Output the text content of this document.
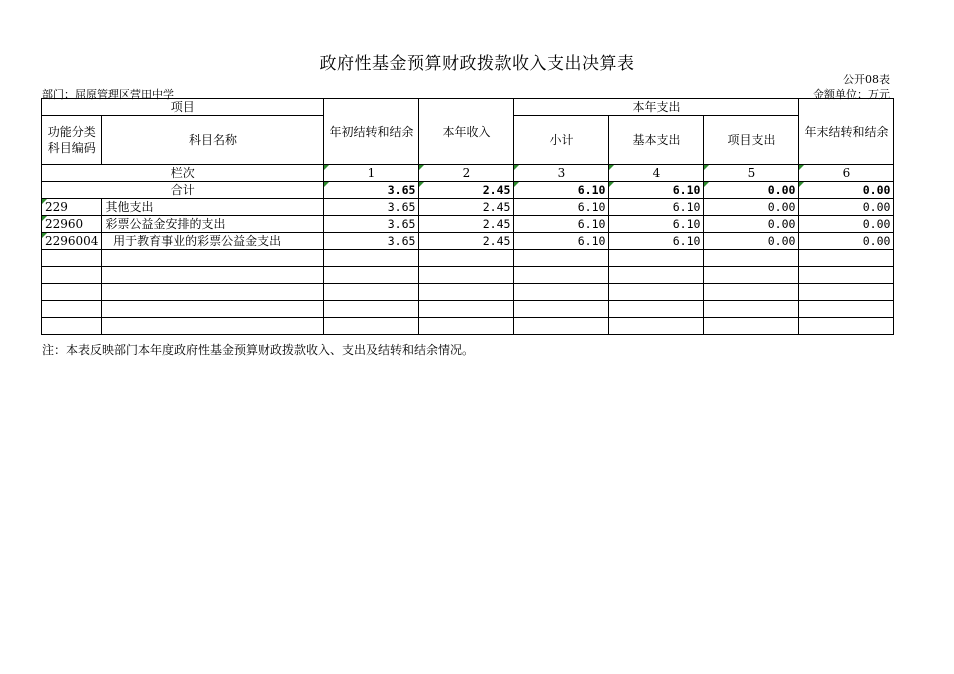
政府性基金预算财政拨款收入支出决算表
公开08表
部门：屈原管理区营田中学	金额单位：万元
项目		年初结转和结余	本年收入	本年支出			年末结转和结余
功能分类科目编码	科目名称			小计	基本支出	项目支出	

栏次		1	2	3	4	5	6
合计		3.65	2.45	6.10	6.10	0.00	0.00
229	其他支出	3.65	2.45	6.10	6.10	0.00	0.00
22960	彩票公益金安排的支出	3.65	2.45	6.10	6.10	0.00	0.00
2296004	用于教育事业的彩票公益金支出	3.65	2.45	6.10	6.10	0.00	0.00

注：本表反映部门本年度政府性基金预算财政拨款收入、支出及结转和结余情况。
